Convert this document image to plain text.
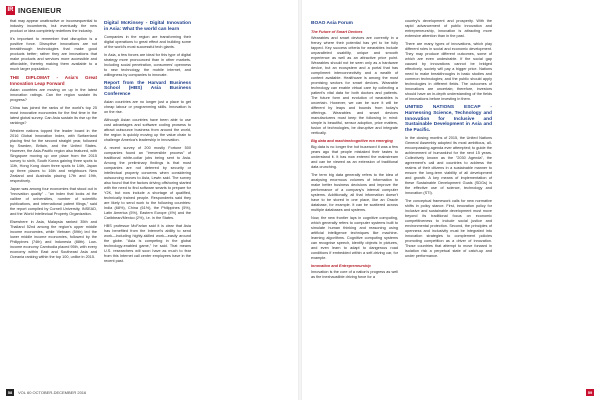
IR INGENIEUR

that may appear unattractive or inconsequential to industry incumbents, but eventually the new product or idea completely redefines the industry.

It's important to remember that disruption is a positive force. Disruptive innovations are not breakthrough technologies that make good products better; rather they are innovations that make products and services more accessible and affordable, thereby making them available to a much larger population.

THE DIPLOMAT - Asia's Great Innovation Leap Forward

Asian countries are moving on up in the latest innovation ratings. Can the region sustain its progress?

China has joined the ranks of the world's top 25 most innovative economies for the first time in the latest global survey. Can Asia sustain its rise up the rankings?

Western nations topped the leader board in the 2016 Global Innovation Index, with Switzerland placing first for the second straight year, followed by Sweden, Britain, and the United States. However, the Asia-Pacific region also featured, with Singapore moving up one place from the 2015 survey to sixth, South Korea gaining three spots to 11th, Hong Kong down three spots to 14th, Japan up three places to 16th and neighbours New Zealand and Australia placing 17th and 19th, respectively.

Japan was among four economies that stood out in "innovation quality" - "an index that looks at the calibre of universities, number of scientific publications, and international patent filings," said the report compiled by Cornell University, INSEAD, and the World Intellectual Property Organization.

Elsewhere in Asia, Malaysia ranked 35th and Thailand 52nd among the region's upper middle income economies, while Vietnam (59th) led the lower middle income economies, followed by the Philippines (74th) and Indonesia (88th). Low-income economy Cambodia placed 95th, with every economy within East and Southeast Asia and Oceania ranking within the top 100, unlike in 2015.

Digital McKinsey - Digital Innovation in Asia: What the world can learn

Companies in the region are transforming their digital operations to great effect and building some of the world's most successful tech giants.

In Asia, a few forces are ideal for this type of digital strategy more pronounced than in other markets. Including social penetration, consumers' openness to new technology, the mobile internet, and willingness by companies to innovate.

Report from the Harvard Business School (HBS) Asia Business Conference

Asian countries are no longer just a place to get cheap labour or programming skills. Innovation is on the rise.

Although Asian countries have been able to use cost advantages and software coding prowess to attract outsource business from around the world, the region is quickly moving up the value chain to challenge America's leadership in innovation.

A recent survey of 200 mostly Fortune 500 companies found an "irreversible process" of traditional white-collar jobs being sent to Asia. Among the preliminary findings is that most companies are not deterred by security or intellectual property concerns when considering outsourcing moves to Asia, Lewin said. The survey also found that the factors driving offshoring started with the need to find software smarts to prepare for Y2K, but now include a shortage of qualified, technically trained people. Respondents said they are likely to send work to the following countries: India (68%), China (61%), the Philippines (5%), Latin America (5%), Eastern Europe (4%) and the Caribbean/Mexico (2%), i.e. in the States.

HBS professor McFarlan said it is clear that Asia has benefited from the Internet's ability to send work—including highly-skilled work—easily around the globe. "Asia is competing in the global technology-enabled game," he said. That means U.S. researchers will soon have as much to fear from this Internet call center employees have in the recent past.

BOAO Asia Forum
The Future of Smart Devices

Wearables and smart devices are currently in a frenzy where their potential has yet to be fully tapped. Key success criteria for wearables include unparalleled usability, unique and smooth experience as well as an attractive price point. Wearables should not be seen only as a hardware device, but an ecosystem and a portal that has compliment interconnectivity and a wealth of content available. Healthcare is among the most promising sectors for smart devices. Wearable technology can enable virtual care by collecting a patient's vital data for both doctors and patients. The future form and evolution of wearables is uncertain. However, we can be sure it will be different by leaps and bounds from today's offerings. Wearables and smart devices manufacturers must keep the following in mind: simple is beautiful, sensor adoption, price matters, fusion of technologies, be disruptive and integrate vertically.

Big data and machine/cognitive era emerging

Big data is no longer the hot buzzword it was a few years ago that people mistaked their tastes to understand it. It has now entered the mainstream and can be viewed as an extension of traditional data crunching.

The term big data generally refers to the idea of analysing enormous volumes of information to make better business decisions and improve the performance of a company's internal computer systems. Additionally, all that information doesn't have to be stored in one place, like an Oracle database, for example. It can be scattered across multiple databases and systems.

Now, the new frontier lays in cognitive computing, which generally refers to computer systems built to simulate human thinking and reasoning using artificial intelligence techniques like machine-learning algorithms. Cognitive computing systems can recognise speech, identify objects in pictures, and even learn to adapt to dangerous road conditions if embedded within a self-driving car, for example.

Innovation and Entrepreneurship

Innovation is the core of a nation's progress as well as the inexhaustible driving force for a

country's development and prosperity. With the rapid advancement of public innovation and entrepreneurship, innovation is attracting more extensive attention than in the past.

There are many types of innovations, which play different roles in social and economic development. They may produce different outcomes, some of which are even undesirable. If the social gap caused by innovations cannot be bridged effectively, society will pay a bigger price. Nations need to make breakthroughs in basic studies and common technologies; and the public should apply technologies in different fields. The outcomes of innovations are uncertain; therefore, investors should have an in-depth understanding of the fields of innovations before investing in them.

UNITED NATIONS ESCAP - Harnessing Science, Technology and Innovation for Inclusive and Sustainable Development in Asia and the Pacific.

In the closing months of 2015, the United Nations General Assembly adopted its most ambitious, all-encompassing agenda ever attempted; to guide the achievement of humankind for the next 15 years. Collectively known as the "2030 Agenda", the agreement's call and countries to address the realms of their citizens in a sustainable manner to ensure the long-term viability of all development and growth. A key means of implementation of these Sustainable Development Goals (SDGs) is the effective use of science, technology and innovation (STI).

The conceptual framework calls for new normative shifts in policy stance. First, innovation policy for inclusive and sustainable development must move beyond its traditional focus on economic competitiveness to include social justice and environmental protection. Second, the principles of openness and inclusivity must be integrated into innovation strategies to complement policies promoting competition as a driver of innovation. Those countries that attempt to move forward in isolation risk a perpetual state of catch-up and under performance.

58	VOL 60 OCTOBER-DECEMBER 2016	59
